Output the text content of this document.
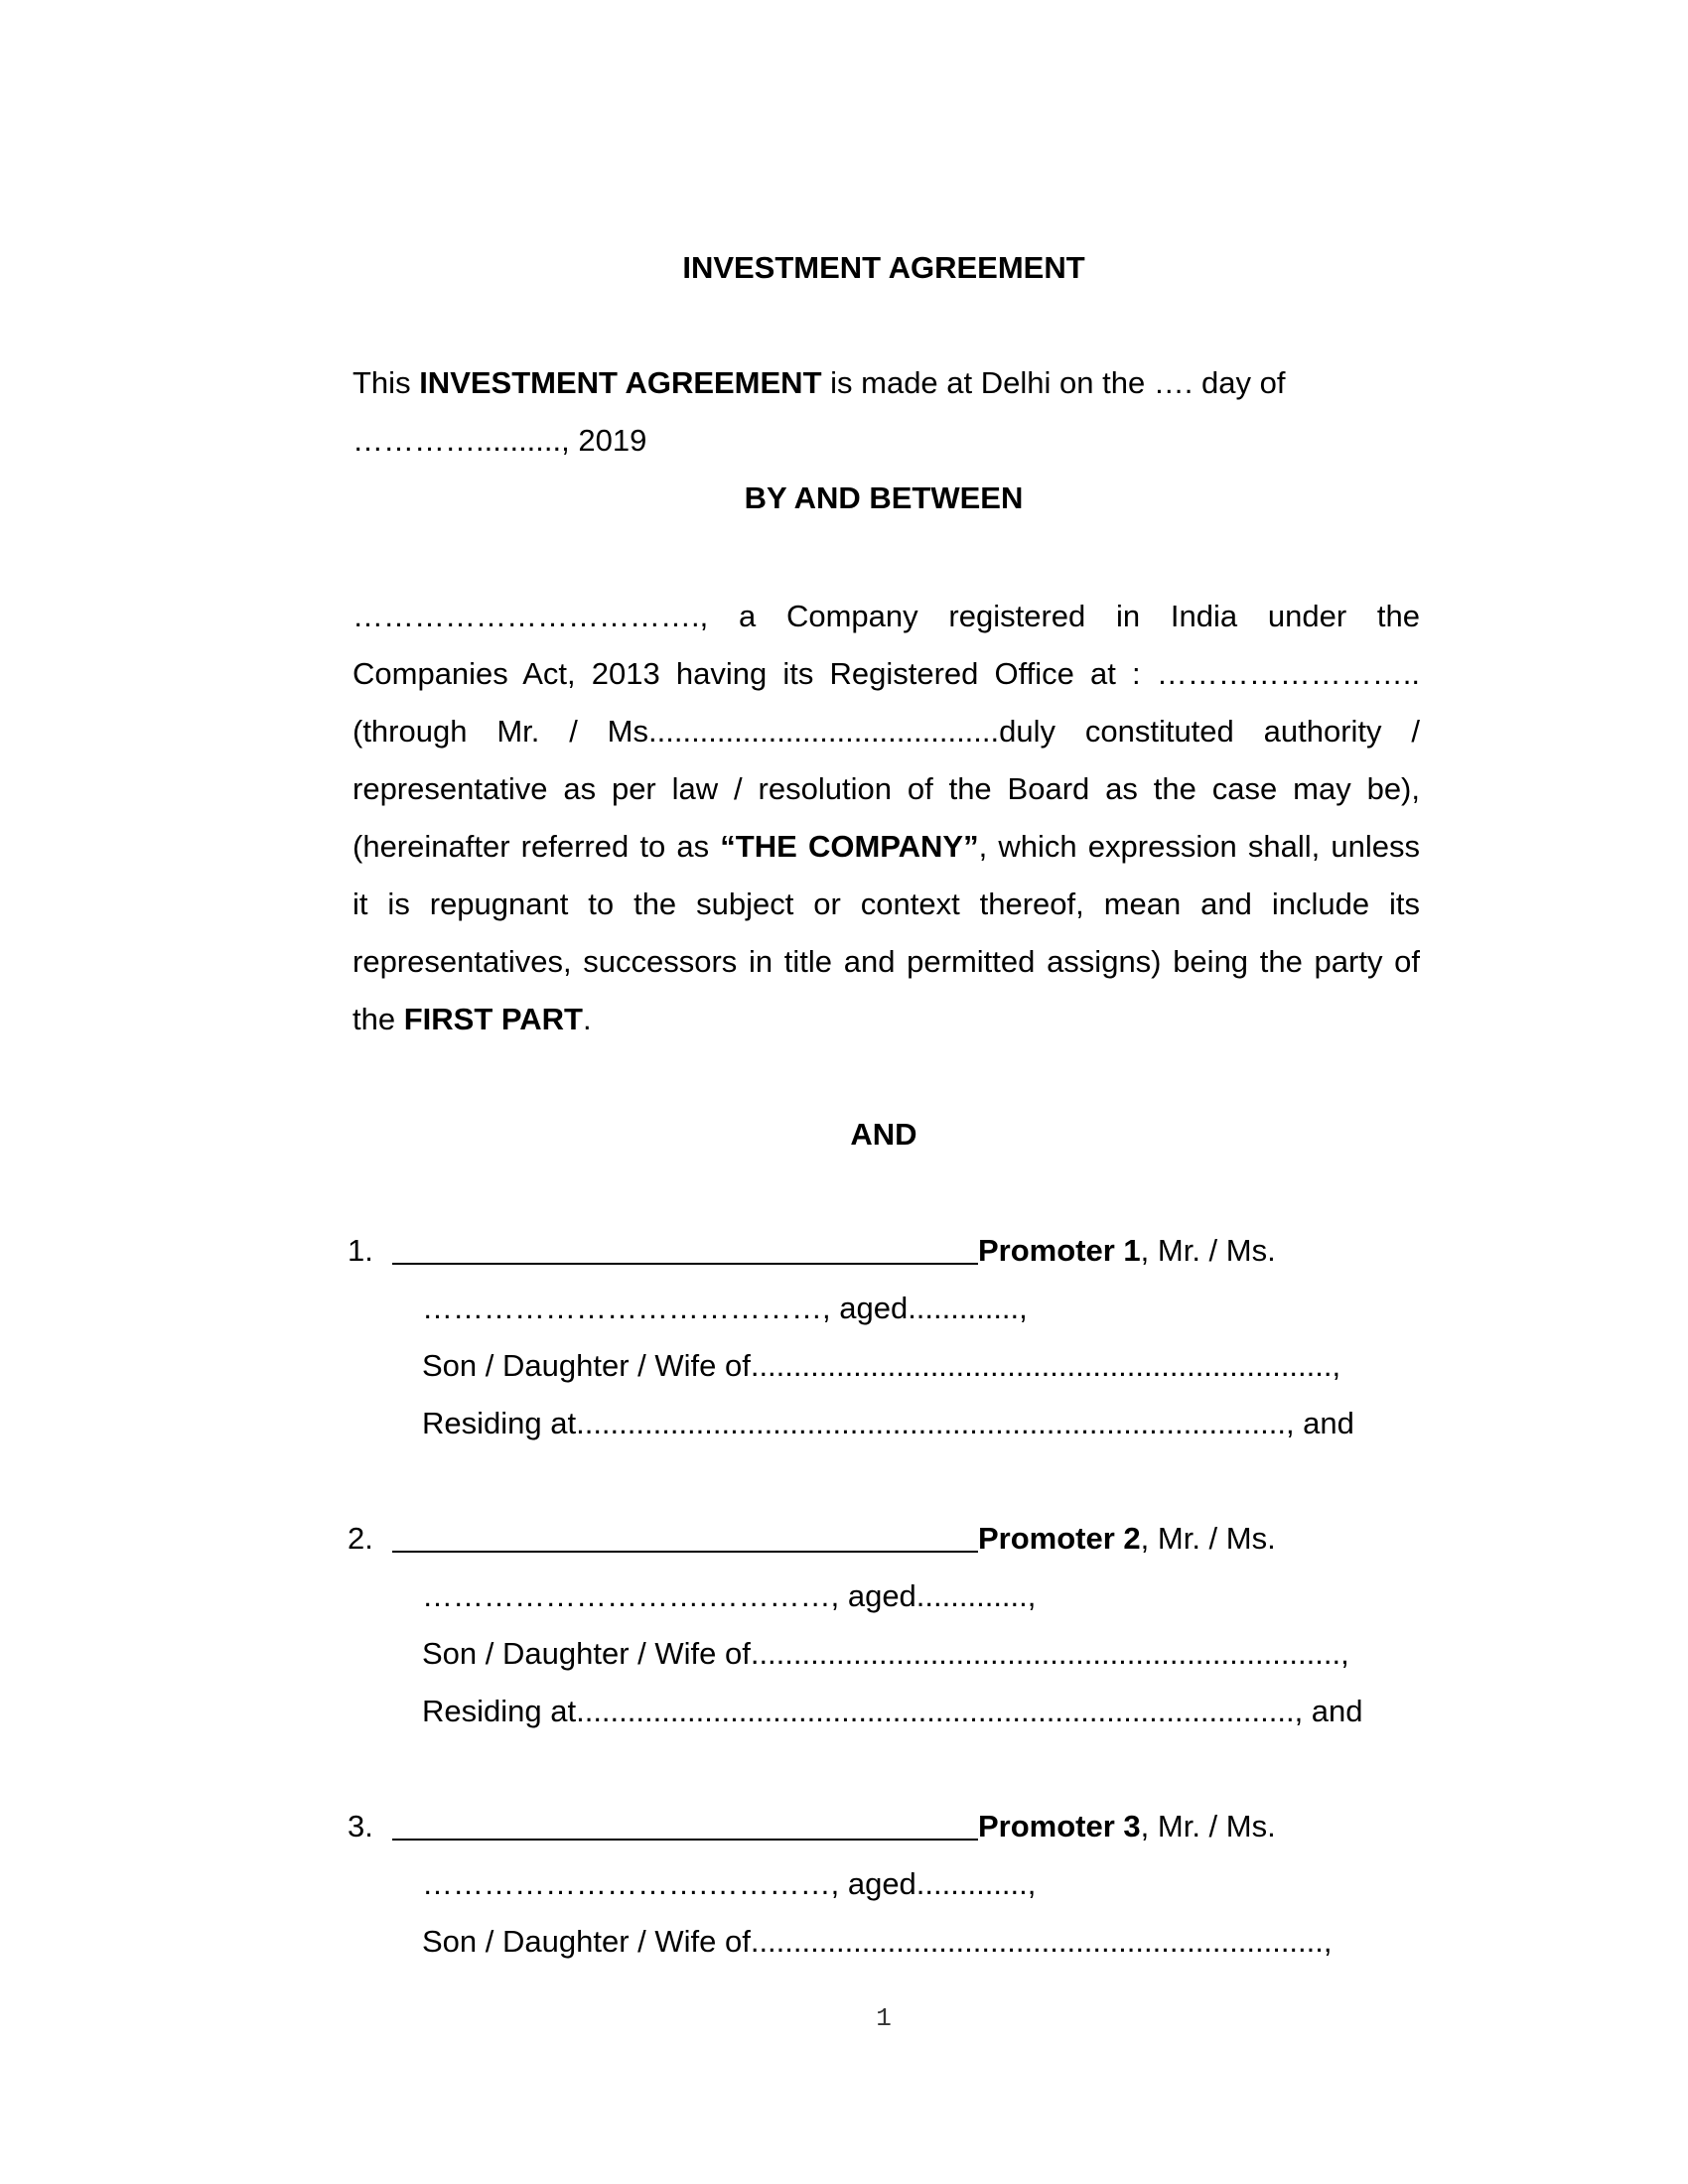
INVESTMENT AGREEMENT
This INVESTMENT AGREEMENT is made at Delhi on the …. day of
………….........., 2019
BY AND BETWEEN
……………………………., a Company registered in India under the Companies Act, 2013 having its Registered Office at : …………………….. (through Mr. / Ms.........................................duly constituted authority / representative as per law / resolution of the Board as the case may be), (hereinafter referred to as “THE COMPANY”, which expression shall, unless it is repugnant to the subject or context thereof, mean and include its representatives, successors in title and permitted assigns) being the party of the FIRST PART.
AND
1.	Promoter 1, Mr. / Ms.
…………………………………, aged.............,
Son / Daughter / Wife of....................................................................,
Residing at..................................................................................., and
2.	Promoter 2, Mr. / Ms.
……………………….…………, aged.............,
Son / Daughter / Wife of.....................................................................,
Residing at...................................................................................., and
3.	Promoter 3, Mr. / Ms.
……………………….…………, aged.............,
Son / Daughter / Wife of...................................................................,
1
